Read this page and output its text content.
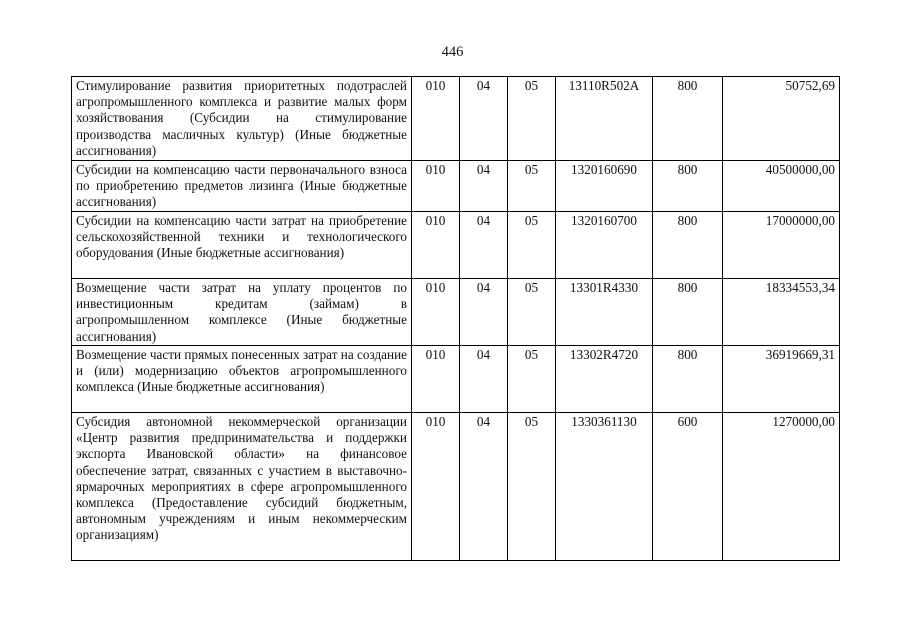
446
Стимулирование развития приоритетных подотраслей агропромышленного комплекса и развитие малых форм хозяйствования (Субсидии на стимулирование производства масличных культур) (Иные бюджетные ассигнования)	010	04	05	13110R502A	800	50752,69
Субсидии на компенсацию части первоначального взноса по приобретению предметов лизинга (Иные бюджетные ассигнования)	010	04	05	1320160690	800	40500000,00
Субсидии на компенсацию части затрат на приобретение сельскохозяйственной техники и технологического оборудования (Иные бюджетные ассигнования)	010	04	05	1320160700	800	17000000,00
Возмещение части затрат на уплату процентов по инвестиционным кредитам (займам) в агропромышленном комплексе (Иные бюджетные ассигнования)	010	04	05	13301R4330	800	18334553,34
Возмещение части прямых понесенных затрат на создание и (или) модернизацию объектов агропромышленного комплекса (Иные бюджетные ассигнования)	010	04	05	13302R4720	800	36919669,31
Субсидия автономной некоммерческой организации «Центр развития предпринимательства и поддержки экспорта Ивановской области» на финансовое обеспечение затрат, связанных с участием в выставочно-ярмарочных мероприятиях в сфере агропромышленного комплекса (Предоставление субсидий бюджетным, автономным учреждениям и иным некоммерческим организациям)	010	04	05	1330361130	600	1270000,00
